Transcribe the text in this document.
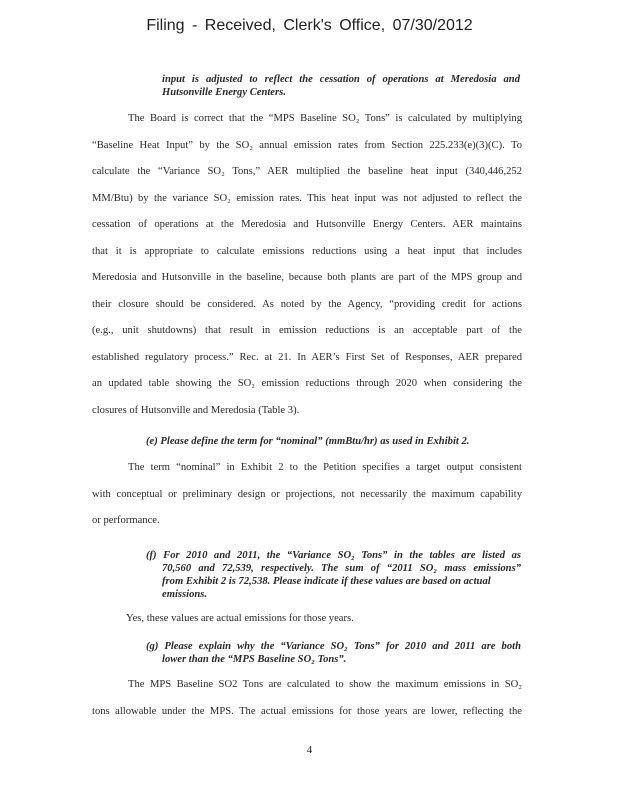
Filing - Received, Clerk's Office, 07/30/2012
input is adjusted to reflect the cessation of operations at Meredosia and
Hutsonville Energy Centers.
The Board is correct that the “MPS Baseline SO₂ Tons” is calculated by multiplying
“Baseline Heat Input” by the SO₂ annual emission rates from Section 225.233(e)(3)(C). To
calculate the “Variance SO₂ Tons,” AER multiplied the baseline heat input (340,446,252
MM/Btu) by the variance SO₂ emission rates. This heat input was not adjusted to reflect the
cessation of operations at the Meredosia and Hutsonville Energy Centers. AER maintains
that it is appropriate to calculate emissions reductions using a heat input that includes
Meredosia and Hutsonville in the baseline, because both plants are part of the MPS group and
their closure should be considered. As noted by the Agency, “providing credit for actions
(e.g., unit shutdowns) that result in emission reductions is an acceptable part of the
established regulatory process.” Rec. at 21. In AER’s First Set of Responses, AER prepared
an updated table showing the SO₂ emission reductions through 2020 when considering the
closures of Hutsonville and Meredosia (Table 3).
(e) Please define the term for “nominal” (mmBtu/hr) as used in Exhibit 2.
The term “nominal” in Exhibit 2 to the Petition specifies a target output consistent
with conceptual or preliminary design or projections, not necessarily the maximum capability
or performance.
(f) For 2010 and 2011, the “Variance SO₂ Tons” in the tables are listed as
70,560 and 72,539, respectively. The sum of “2011 SO₂ mass emissions”
from Exhibit 2 is 72,538. Please indicate if these values are based on actual
emissions.
Yes, these values are actual emissions for those years.
(g) Please explain why the “Variance SO₂ Tons” for 2010 and 2011 are both
lower than the “MPS Baseline SO₂ Tons”.
The MPS Baseline SO2 Tons are calculated to show the maximum emissions in SO₂
tons allowable under the MPS. The actual emissions for those years are lower, reflecting the
4
